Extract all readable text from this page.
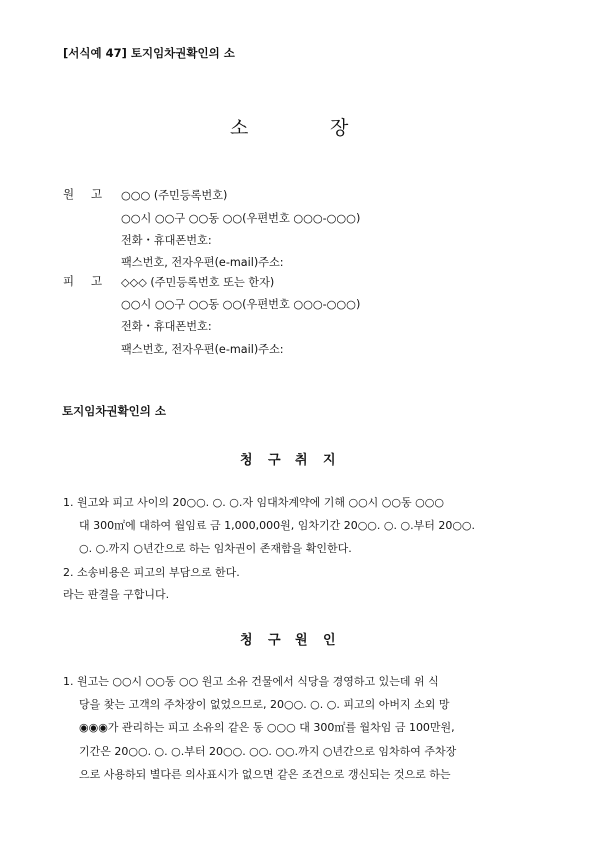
[서식예 47] 토지임차권확인의 소
소	장
원 고 ○○○ (주민등록번호)
○○시 ○○구 ○○동 ○○(우편번호 ○○○-○○○)
전화・휴대폰번호:
팩스번호, 전자우편(e-mail)주소:
피 고 ◇◇◇ (주민등록번호 또는 한자)
○○시 ○○구 ○○동 ○○(우편번호 ○○○-○○○)
전화・휴대폰번호:
팩스번호, 전자우편(e-mail)주소:
토지임차권확인의 소
청 구 취 지
1. 원고와 피고 사이의 20○○. ○. ○.자 임대차계약에 기해 ○○시 ○○동 ○○○
대 300㎡에 대하여 월임료 금 1,000,000원, 임차기간 20○○. ○. ○.부터 20○○.
○. ○.까지 ○년간으로 하는 임차권이 존재함을 확인한다.
2. 소송비용은 피고의 부담으로 한다.
라는 판결을 구합니다.
청 구 원 인
1. 원고는 ○○시 ○○동 ○○ 원고 소유 건물에서 식당을 경영하고 있는데 위 식
당을 찾는 고객의 주차장이 없었으므로, 20○○. ○. ○. 피고의 아버지 소외 망
◉◉◉가 관리하는 피고 소유의 같은 동 ○○○ 대 300㎡를 월차임 금 100만원,
기간은 20○○. ○. ○.부터 20○○. ○○. ○○.까지 ○년간으로 임차하여 주차장
으로 사용하되 별다른 의사표시가 없으면 같은 조건으로 갱신되는 것으로 하는
